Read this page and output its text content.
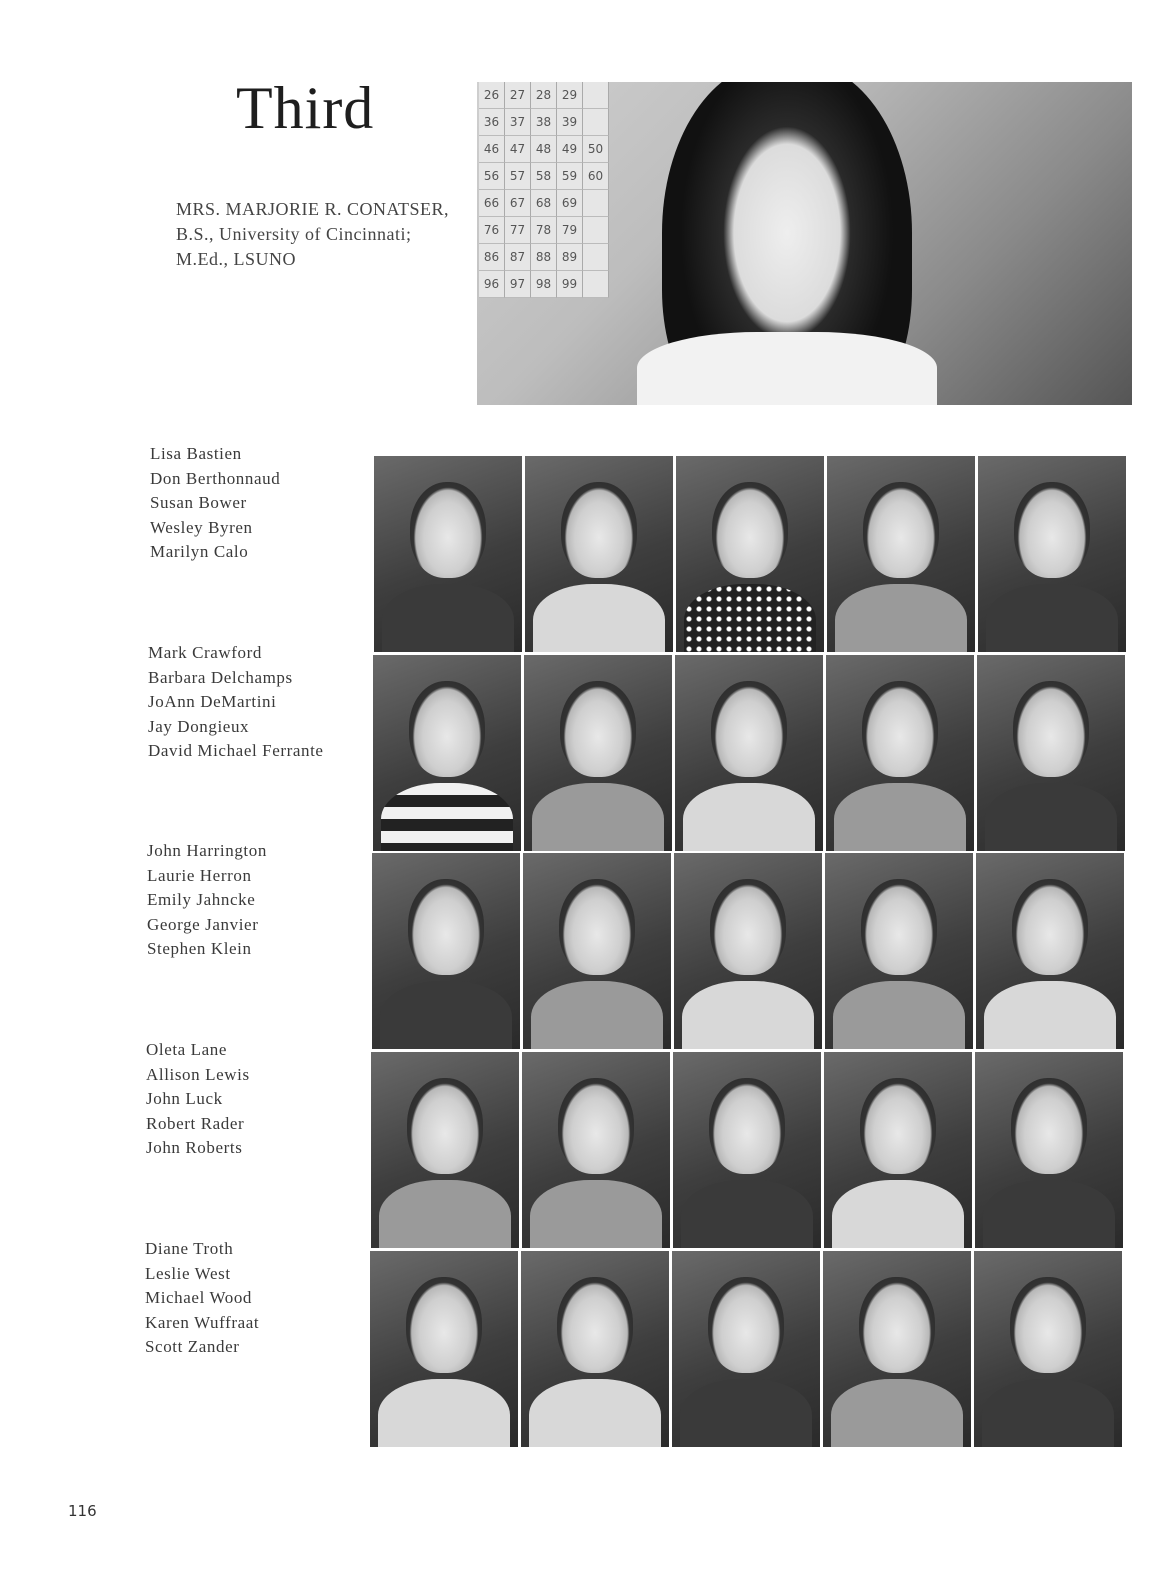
Third
MRS. MARJORIE R. CONATSER,
B.S., University of Cincinnati;
M.Ed., LSUNO
26 27 28 29
36 37 38 39
46 47 48 49 50
56 57 58 59 60
66 67 68 69
76 77 78 79
86 87 88 89
96 97 98 99
Lisa Bastien
Don Berthonnaud
Susan Bower
Wesley Byren
Marilyn Calo
Mark Crawford
Barbara Delchamps
JoAnn DeMartini
Jay Dongieux
David Michael Ferrante
John Harrington
Laurie Herron
Emily Jahncke
George Janvier
Stephen Klein
Oleta Lane
Allison Lewis
John Luck
Robert Rader
John Roberts
Diane Troth
Leslie West
Michael Wood
Karen Wuffraat
Scott Zander
116
